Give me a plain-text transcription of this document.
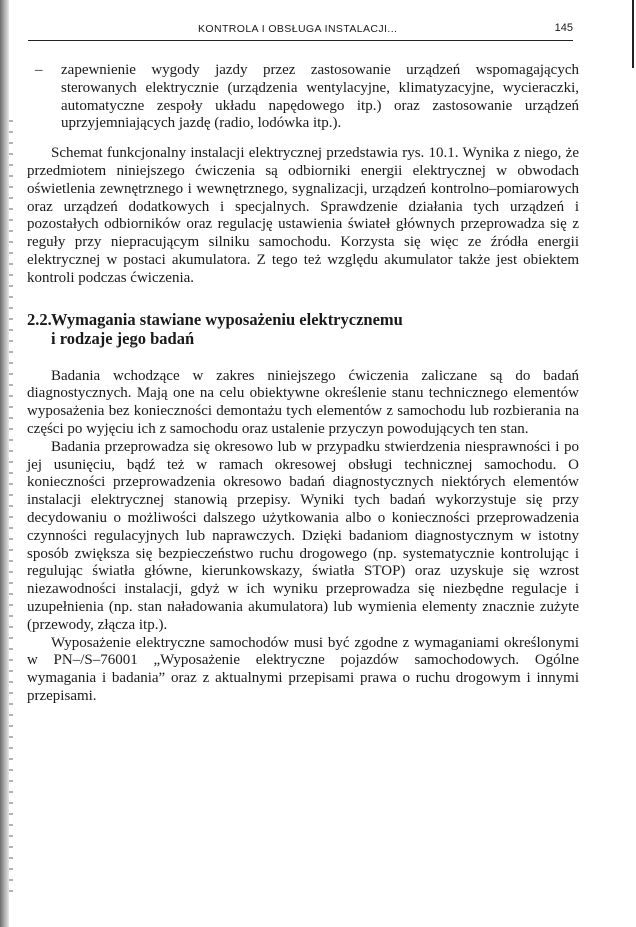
KONTROLA I OBSŁUGA INSTALACJI...	145
– zapewnienie wygody jazdy przez zastosowanie urządzeń wspomagających sterowanych elektrycznie (urządzenia wentylacyjne, klimatyzacyjne, wycieraczki, automatyczne zespoły układu napędowego itp.) oraz zastosowanie urządzeń uprzyjemniających jazdę (radio, lodówka itp.).

Schemat funkcjonalny instalacji elektrycznej przedstawia rys. 10.1. Wynika z niego, że przedmiotem niniejszego ćwiczenia są odbiorniki energii elektrycznej w obwodach oświetlenia zewnętrznego i wewnętrznego, sygnalizacji, urządzeń kontrolno–pomiarowych oraz urządzeń dodatkowych i specjalnych. Sprawdzenie działania tych urządzeń i pozostałych odbiorników oraz regulację ustawienia świateł głównych przeprowadza się z reguły przy niepracującym silniku samochodu. Korzysta się więc ze źródła energii elektrycznej w postaci akumulatora. Z tego też względu akumulator także jest obiektem kontroli podczas ćwiczenia.

2.2.Wymagania stawiane wyposażeniu elektrycznemu
i rodzaje jego badań

Badania wchodzące w zakres niniejszego ćwiczenia zaliczane są do badań diagnostycznych. Mają one na celu obiektywne określenie stanu technicznego elementów wyposażenia bez konieczności demontażu tych elementów z samochodu lub rozbierania na części po wyjęciu ich z samochodu oraz ustalenie przyczyn powodujących ten stan.

Badania przeprowadza się okresowo lub w przypadku stwierdzenia niesprawności i po jej usunięciu, bądź też w ramach okresowej obsługi technicznej samochodu. O konieczności przeprowadzenia okresowo badań diagnostycznych niektórych elementów instalacji elektrycznej stanowią przepisy. Wyniki tych badań wykorzystuje się przy decydowaniu o możliwości dalszego użytkowania albo o konieczności przeprowadzenia czynności regulacyjnych lub naprawczych. Dzięki badaniom diagnostycznym w istotny sposób zwiększa się bezpieczeństwo ruchu drogowego (np. systematycznie kontrolując i regulując światła główne, kierunkowskazy, światła STOP) oraz uzyskuje się wzrost niezawodności instalacji, gdyż w ich wyniku przeprowadza się niezbędne regulacje i uzupełnienia (np. stan naładowania akumulatora) lub wymienia elementy znacznie zużyte (przewody, złącza itp.).

Wyposażenie elektryczne samochodów musi być zgodne z wymaganiami określonymi w PN–/S–76001 „Wyposażenie elektryczne pojazdów samochodowych. Ogólne wymagania i badania” oraz z aktualnymi przepisami prawa o ruchu drogowym i innymi przepisami.
